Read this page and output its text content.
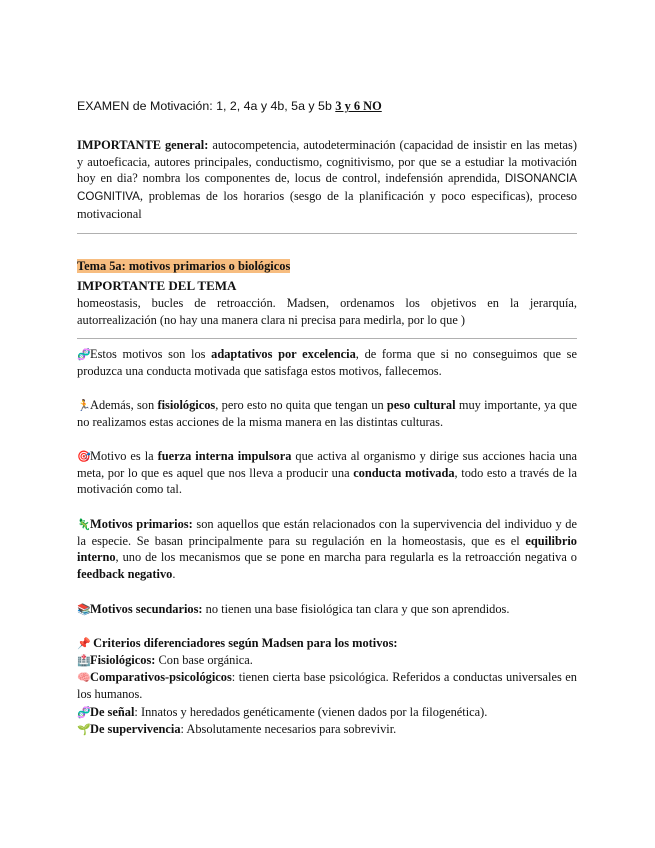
EXAMEN de Motivación: 1, 2, 4a y 4b, 5a y 5b 3 y 6 NO

IMPORTANTE general: autocompetencia, autodeterminación (capacidad de insistir en las metas) y autoeficacia, autores principales, conductismo, cognitivismo, por que se a estudiar la motivación hoy en dia? nombra los componentes de, locus de control, indefensión aprendida, DISONANCIA COGNITIVA, problemas de los horarios (sesgo de la planificación y poco especificas), proceso motivacional

Tema 5a: motivos primarios o biológicos

IMPORTANTE DEL TEMA

homeostasis, bucles de retroacción. Madsen, ordenamos los objetivos en la jerarquía, autorrealización (no hay una manera clara ni precisa para medirla, por lo que )

🧬Estos motivos son los adaptativos por excelencia, de forma que si no conseguimos que se produzca una conducta motivada que satisfaga estos motivos, fallecemos.

🏃Además, son fisiológicos, pero esto no quita que tengan un peso cultural muy importante, ya que no realizamos estas acciones de la misma manera en las distintas culturas.

🎯Motivo es la fuerza interna impulsora que activa al organismo y dirige sus acciones hacia una meta, por lo que es aquel que nos lleva a producir una conducta motivada, todo esto a través de la motivación como tal.

🦎Motivos primarios: son aquellos que están relacionados con la supervivencia del individuo y de la especie. Se basan principalmente para su regulación en la homeostasis, que es el equilibrio interno, uno de los mecanismos que se pone en marcha para regularla es la retroacción negativa o feedback negativo.

📚Motivos secundarios: no tienen una base fisiológica tan clara y que son aprendidos.

📌 Criterios diferenciadores según Madsen para los motivos:

🏥Fisiológicos: Con base orgánica.

🧠Comparativos-psicológicos: tienen cierta base psicológica. Referidos a conductas universales en los humanos.

🧬De señal: Innatos y heredados genéticamente (vienen dados por la filogenética).

🌱De supervivencia: Absolutamente necesarios para sobrevivir.
